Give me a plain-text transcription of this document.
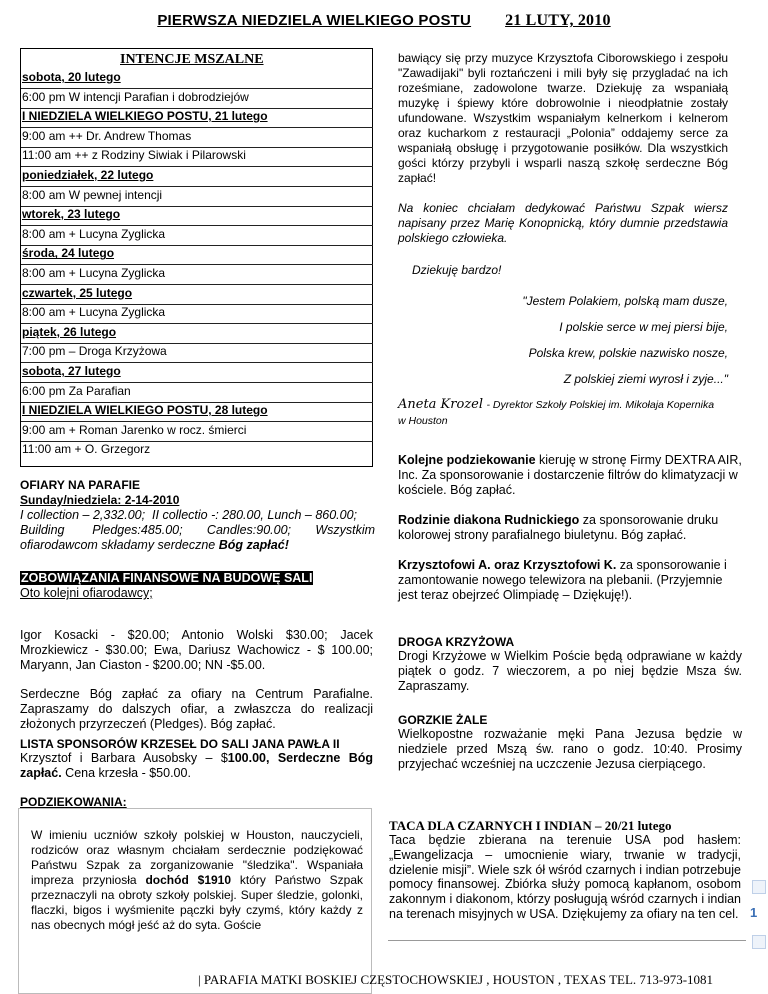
PIERWSZA NIEDZIELA WIELKIEGO POSTU 21 LUTY, 2010
INTENCJE MSZALNE
sobota, 20 lutego
6:00 pm W intencji Parafian i dobrodziejów
I NIEDZIELA WIELKIEGO POSTU, 21 lutego
9:00 am ++ Dr. Andrew Thomas
11:00 am ++ z Rodziny Siwiak i Pilarowski
poniedziałek, 22 lutego
8:00 am W pewnej intencji
wtorek, 23 lutego
8:00 am + Lucyna Zyglicka
środa, 24 lutego
8:00 am + Lucyna Zyglicka
czwartek, 25 lutego
8:00 am + Lucyna Zyglicka
piątek, 26 lutego
7:00 pm – Droga Krzyżowa
sobota, 27 lutego
6:00 pm Za Parafian
I NIEDZIELA WIELKIEGO POSTU, 28 lutego
9:00 am + Roman Jarenko w rocz. śmierci
11:00 am + O. Grzegorz
OFIARY NA PARAFIE
Sunday/niedziela: 2-14-2010
I collection – 2,332.00;  II collectio -: 280.00, Lunch – 860.00;
Building        Pledges:485.00;       Candles:90.00;       Wszystkim
ofiarodawcom składamy serdeczne Bóg zapłać!
ZOBOWIĄZANIA FINANSOWE NA BUDOWĘ SALI
Oto kolejni ofiarodawcy;
Igor Kosacki - $20.00; Antonio Wolski $30.00; Jacek Mrozkiewicz - $30.00; Ewa, Dariusz Wachowicz - $ 100.00; Maryann, Jan Ciaston - $200.00; NN -$5.00.
Serdeczne Bóg zapłać za ofiary na Centrum Parafialne. Zapraszamy do dalszych ofiar, a zwłaszcza do realizacji złożonych przyrzeczeń (Pledges). Bóg zapłać.
LISTA SPONSORÓW KRZESEŁ DO SALI JANA PAWŁA II
Krzysztof i Barbara Ausobsky – $100.00, Serdeczne Bóg zapłać. Cena krzesła - $50.00.
PODZIEKOWANIA:
W imieniu uczniów szkoły polskiej w Houston, nauczycieli, rodziców oraz własnym chciałam serdecznie podziękować Państwu Szpak za zorganizowanie "śledzika". Wspaniała impreza przyniosła dochód $1910 który Państwo Szpak przeznaczyli na obroty szkoły polskiej. Super śledzie, golonki, flaczki, bigos i wyśmienite pączki były czymś, który każdy z nas obecnych mógł jeść aż do syta. Goście
bawiący się przy muzyce Krzysztofa Ciborowskiego i zespołu "Zawadijaki" byli roztańczeni i mili były się przygladać na ich roześmiane, zadowolone twarze. Dziekuję za wspaniałą muzykę i śpiewy które dobrowolnie i nieodpłatnie zostały ufundowane. Wszystkim wspaniałym kelnerkom i kelnerom oraz kucharkom z restauracji „Polonia” oddajemy serce za wspaniałą obsługę i przygotowanie posiłków. Dla wszystkich gości którzy przybyli i wsparli naszą szkołę serdeczne Bóg zapłać!
Na koniec chciałam dedykować Państwu Szpak wiersz napisany przez Marię Konopnicką, który dumnie przedstawia polskiego człowieka.
Dziekuję bardzo!
"Jestem Polakiem, polską mam dusze,
I polskie serce w mej piersi bije,
Polska krew, polskie nazwisko nosze,
Z polskiej ziemi wyrosł i zyje..."
Aneta Krozel - Dyrektor Szkoły Polskiej im. Mikołaja Kopernika
w Houston
Kolejne podziekowanie kieruję w stronę Firmy DEXTRA AIR, Inc. Za sponsorowanie i dostarczenie filtrów do klimatyzacji w kościele. Bóg zapłać.
Rodzinie diakona Rudnickiego za sponsorowanie druku kolorowej strony parafialnego biuletynu. Bóg zapłać.
Krzysztofowi A. oraz Krzysztofowi K. za sponsorowanie i zamontowanie nowego telewizora na plebanii. (Przyjemnie jest teraz obejrzeć Olimpiadę – Dziękuję!).
DROGA KRZYŻOWA
Drogi Krzyżowe w Wielkim Poście będą odprawiane w każdy piątek o godz. 7 wieczorem, a po niej będzie Msza św. Zapraszamy.
GORZKIE ŻALE
Wielkopostne rozważanie męki Pana Jezusa będzie w niedziele przed Mszą św. rano o godz. 10:40. Prosimy przyjechać wcześniej na uczczenie Jezusa cierpiącego.
TACA DLA CZARNYCH I INDIAN – 20/21 lutego
Taca będzie zbierana na terenuie USA pod hasłem: „Ewangelizacja – umocnienie wiary, trwanie w tradycji, dzielenie misji”. Wiele szk ół wśród czarnych i indian potrzebuje pomocy finansowej. Zbiórka służy pomocą kapłanom, osobom zakonnym i diakonom, którzy posługują wśród czarnych i indian na terenach misyjnych w USA. Dziękujemy za ofiary na ten cel.
| PARAFIA MATKI BOSKIEJ CZĘSTOCHOWSKIEJ , HOUSTON , TEXAS TEL. 713-973-1081
1
